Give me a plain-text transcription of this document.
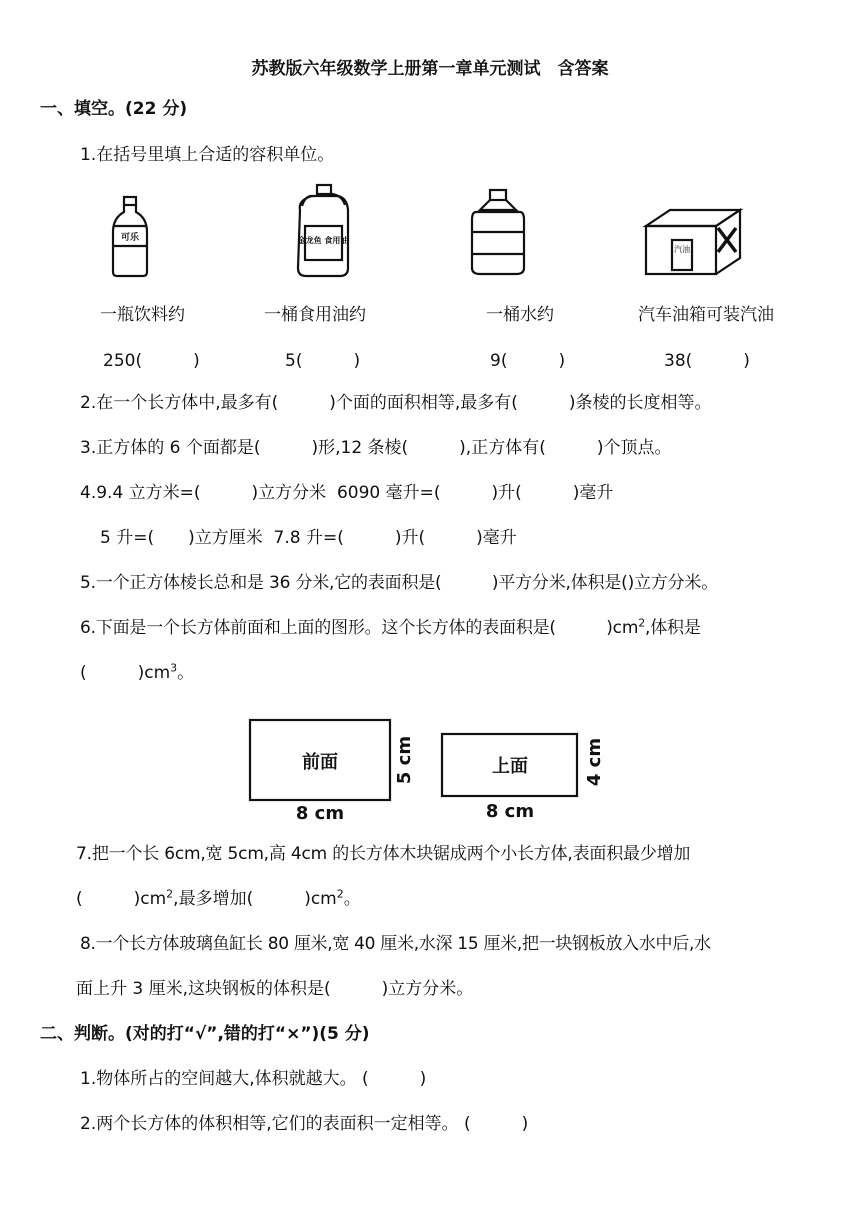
苏教版六年级数学上册第一章单元测试　含答案
一、填空。(22 分)
1.在括号里填上合适的容积单位。
可乐	金龙鱼 食用油
汽油
前面
8 cm
5 cm	上面
8 cm
4 cm
一瓶饮料约	一桶食用油约	一桶水约	汽车油箱可装汽油
250(　　　)	5(　　　)	9(　　　)	38(　　　)
2.在一个长方体中,最多有(　　　)个面的面积相等,最多有(　　　)条棱的长度相等。
3.正方体的 6 个面都是(　　　)形,12 条棱(　　　),正方体有(　　　)个顶点。
4.9.4 立方米=(　　　)立方分米  6090 毫升=(　　　)升(　　　)毫升
5 升=(　　)立方厘米  7.8 升=(　　　)升(　　　)毫升
5.一个正方体棱长总和是 36 分米,它的表面积是(　　　)平方分米,体积是()立方分米。
6.下面是一个长方体前面和上面的图形。这个长方体的表面积是(　　　)$cm^2$,体积是
(　　　)$cm^3$。
7.把一个长 6cm,宽 5cm,高 4cm 的长方体木块锯成两个小长方体,表面积最少增加
(　　　)$cm^2$,最多增加(　　　)$cm^2$。
8.一个长方体玻璃鱼缸长 80 厘米,宽 40 厘米,水深 15 厘米,把一块钢板放入水中后,水
面上升 3 厘米,这块钢板的体积是(　　　)立方分米。
二、判断。(对的打“√”,错的打“×”)(5 分)
1.物体所占的空间越大,体积就越大。 (　　　)
2.两个长方体的体积相等,它们的表面积一定相等。 (　　　)
